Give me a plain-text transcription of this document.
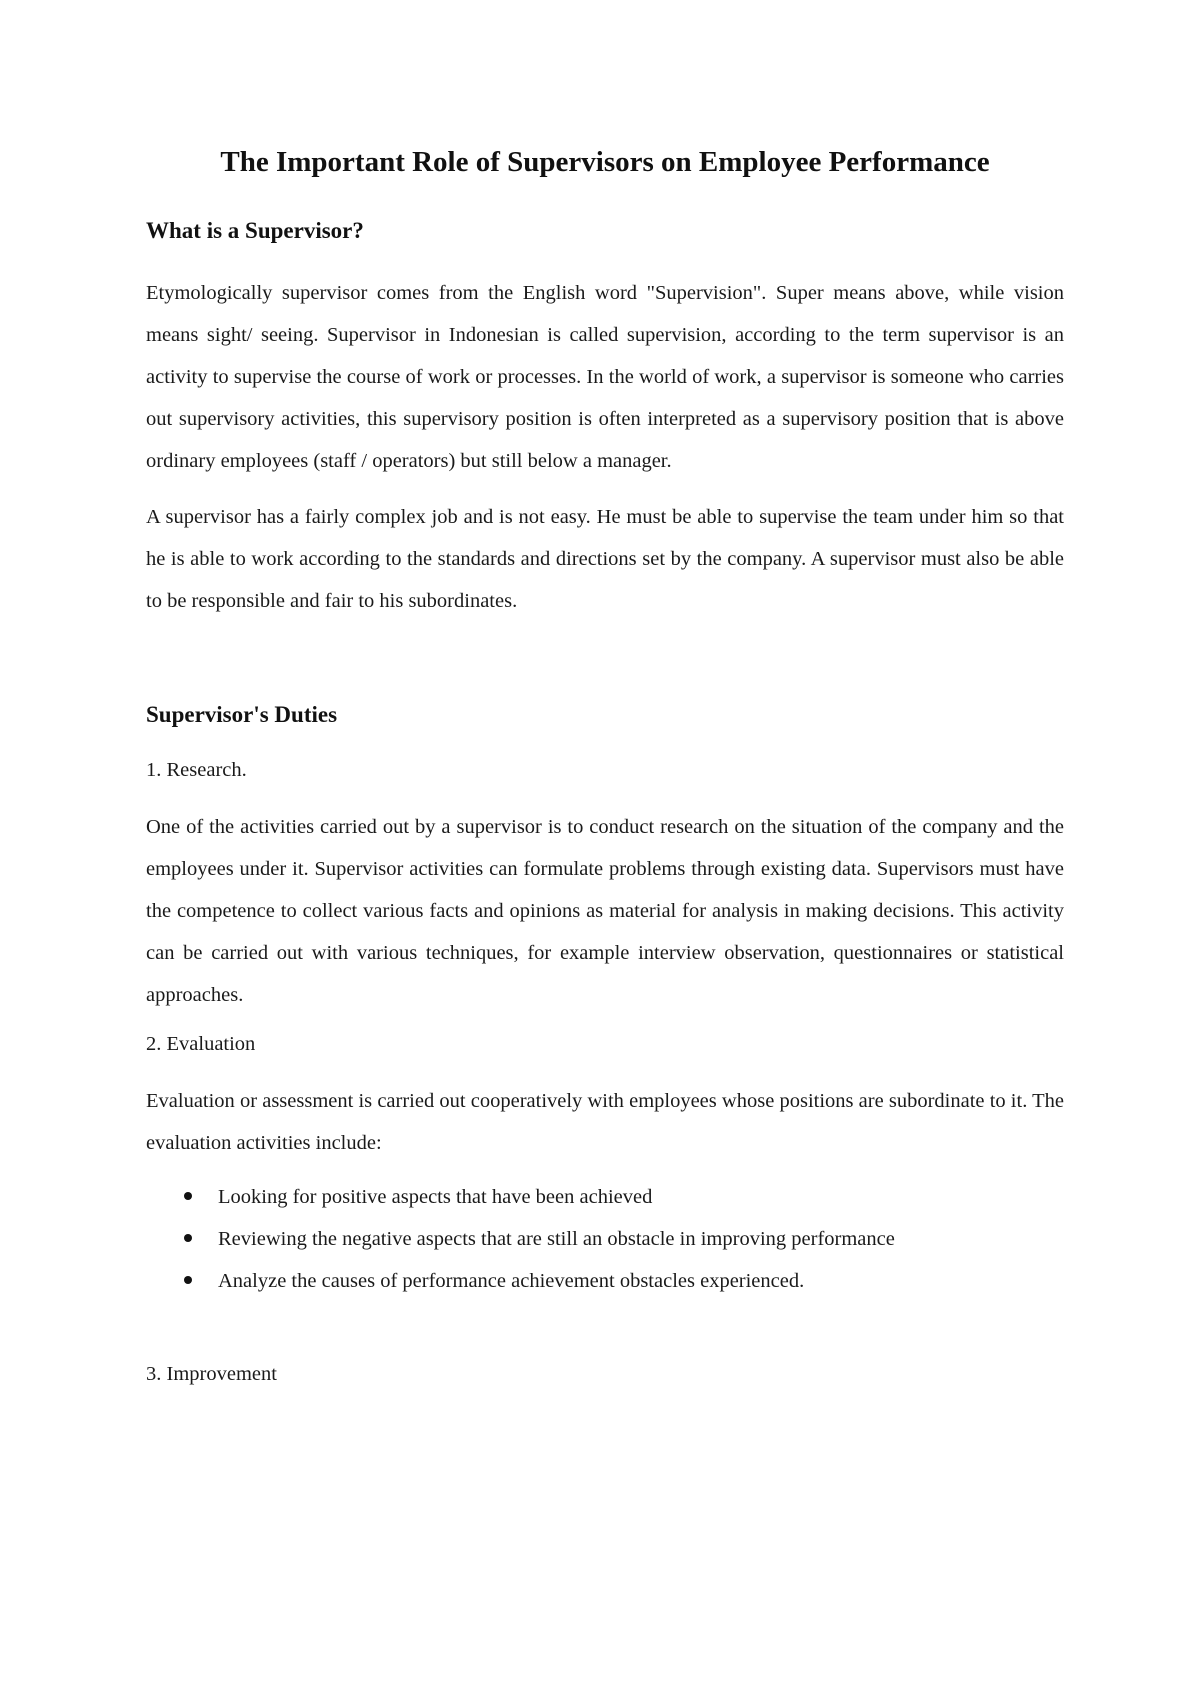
The Important Role of Supervisors on Employee Performance
What is a Supervisor?

Etymologically supervisor comes from the English word "Supervision". Super means above, while vision means sight/ seeing. Supervisor in Indonesian is called supervision, according to the term supervisor is an activity to supervise the course of work or processes. In the world of work, a supervisor is someone who carries out supervisory activities, this supervisory position is often interpreted as a supervisory position that is above ordinary employees (staff / operators) but still below a manager.

A supervisor has a fairly complex job and is not easy. He must be able to supervise the team under him so that he is able to work according to the standards and directions set by the company. A supervisor must also be able to be responsible and fair to his subordinates.

Supervisor's Duties
1. Research.

One of the activities carried out by a supervisor is to conduct research on the situation of the company and the employees under it. Supervisor activities can formulate problems through existing data. Supervisors must have the competence to collect various facts and opinions as material for analysis in making decisions. This activity can be carried out with various techniques, for example interview observation, questionnaires or statistical approaches.

2. Evaluation

Evaluation or assessment is carried out cooperatively with employees whose positions are subordinate to it. The evaluation activities include:

Looking for positive aspects that have been achieved
Reviewing the negative aspects that are still an obstacle in improving performance
Analyze the causes of performance achievement obstacles experienced.
3. Improvement
